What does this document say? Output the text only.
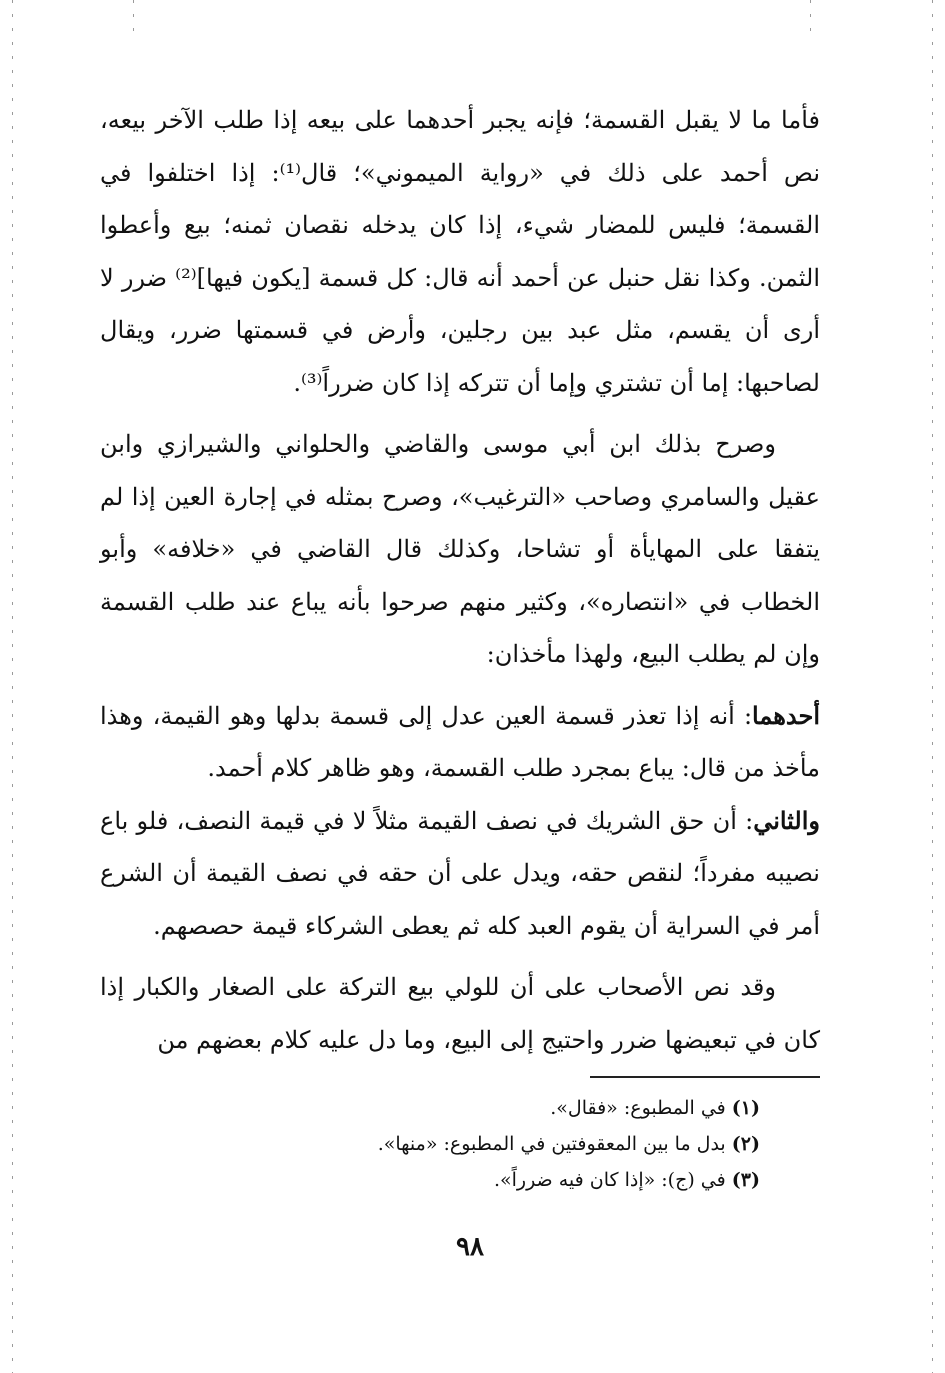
فأما ما لا يقبل القسمة؛ فإنه يجبر أحدهما على بيعه إذا طلب الآخر بيعه، نص أحمد على ذلك في «رواية الميموني»؛ قال⁽¹⁾: إذا اختلفوا في القسمة؛ فليس للمضار شيء، إذا كان يدخله نقصان ثمنه؛ بيع وأعطوا الثمن. وكذا نقل حنبل عن أحمد أنه قال: كل قسمة [يكون فيها]⁽²⁾ ضرر لا أرى أن يقسم، مثل عبد بين رجلين، وأرض في قسمتها ضرر، ويقال لصاحبها: إما أن تشتري وإما أن تتركه إذا كان ضرراً⁽³⁾.

وصرح بذلك ابن أبي موسى والقاضي والحلواني والشيرازي وابن عقيل والسامري وصاحب «الترغيب»، وصرح بمثله في إجارة العين إذا لم يتفقا على المهايأة أو تشاحا، وكذلك قال القاضي في «خلافه» وأبو الخطاب في «انتصاره»، وكثير منهم صرحوا بأنه يباع عند طلب القسمة وإن لم يطلب البيع، ولهذا مأخذان:

أحدهما: أنه إذا تعذر قسمة العين عدل إلى قسمة بدلها وهو القيمة، وهذا مأخذ من قال: يباع بمجرد طلب القسمة، وهو ظاهر كلام أحمد.

والثاني: أن حق الشريك في نصف القيمة مثلاً لا في قيمة النصف، فلو باع نصيبه مفرداً؛ لنقص حقه، ويدل على أن حقه في نصف القيمة أن الشرع أمر في السراية أن يقوم العبد كله ثم يعطى الشركاء قيمة حصصهم.

وقد نص الأصحاب على أن للولي بيع التركة على الصغار والكبار إذا كان في تبعيضها ضرر واحتيج إلى البيع، وما دل عليه كلام بعضهم من

(١) في المطبوع: «فقال».
(٢) بدل ما بين المعقوفتين في المطبوع: «منها».
(٣) في (ج): «إذا كان فيه ضرراً».
٩٨
